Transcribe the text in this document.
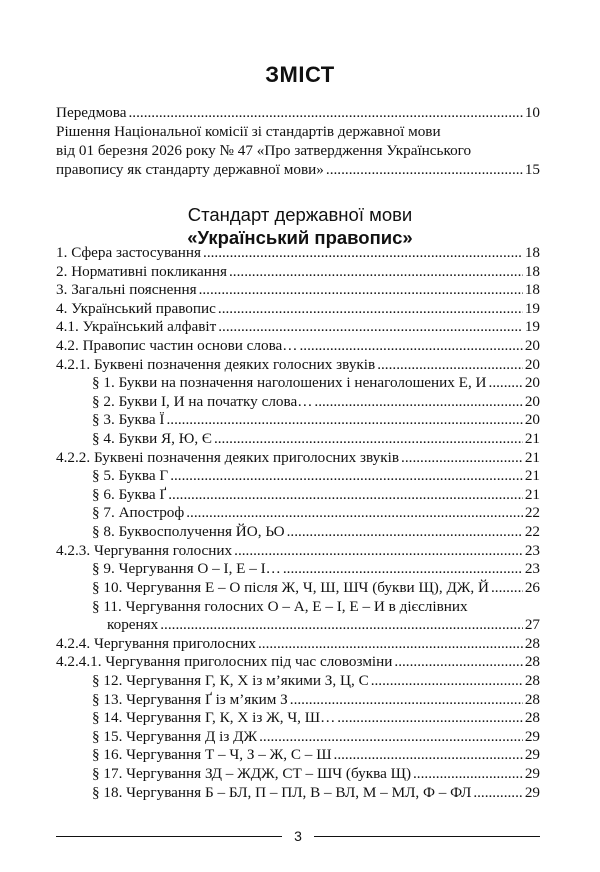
ЗМІСТ
Передмова .....	10
Рішення Національної комісії зі стандартів державної мови
від 01 березня 2026 року № 47 «Про затвердження Українського
правопису як стандарту державної мови» .....	15
Стандарт державної мови
«Український правопис»
1. Сфера застосування .....	18
2. Нормативні покликання .....	18
3. Загальні пояснення .....	18
4. Український правопис .....	19
4.1. Український алфавіт .....	19
4.2. Правопис частин основи слова… .....	20
4.2.1. Буквені позначення деяких голосних звуків .....	20
§ 1. Букви на позначення наголошених і ненаголошених Е, И .....	20
§ 2. Букви І, И на початку слова… .....	20
§ 3. Буква Ї .....	20
§ 4. Букви Я, Ю, Є .....	21
4.2.2. Буквені позначення деяких приголосних звуків .....	21
§ 5. Буква Г .....	21
§ 6. Буква Ґ .....	21
§ 7. Апостроф .....	22
§ 8. Буквосполучення ЙО, ЬО .....	22
4.2.3. Чергування голосних .....	23
§ 9. Чергування О – І, Е – І… .....	23
§ 10. Чергування Е – О після Ж, Ч, Ш, ШЧ (букви Щ), ДЖ, Й ..... 26
§ 11. Чергування голосних О – А, Е – І, Е – И в дієслівних
коренях .....	27
4.2.4. Чергування приголосних .....	28
4.2.4.1. Чергування приголосних під час словозміни .....	28
§ 12. Чергування Г, К, Х із м’якими З, Ц, С .....	28
§ 13. Чергування Ґ із м’яким З .....	28
§ 14. Чергування Г, К, Х із Ж, Ч, Ш… .....	28
§ 15. Чергування Д із ДЖ .....	29
§ 16. Чергування Т – Ч, З – Ж, С – Ш .....	29
§ 17. Чергування ЗД – ЖДЖ, СТ – ШЧ (буква Щ) .....	29
§ 18. Чергування Б – БЛ, П – ПЛ, В – ВЛ, М – МЛ, Ф – ФЛ .....	29
3
